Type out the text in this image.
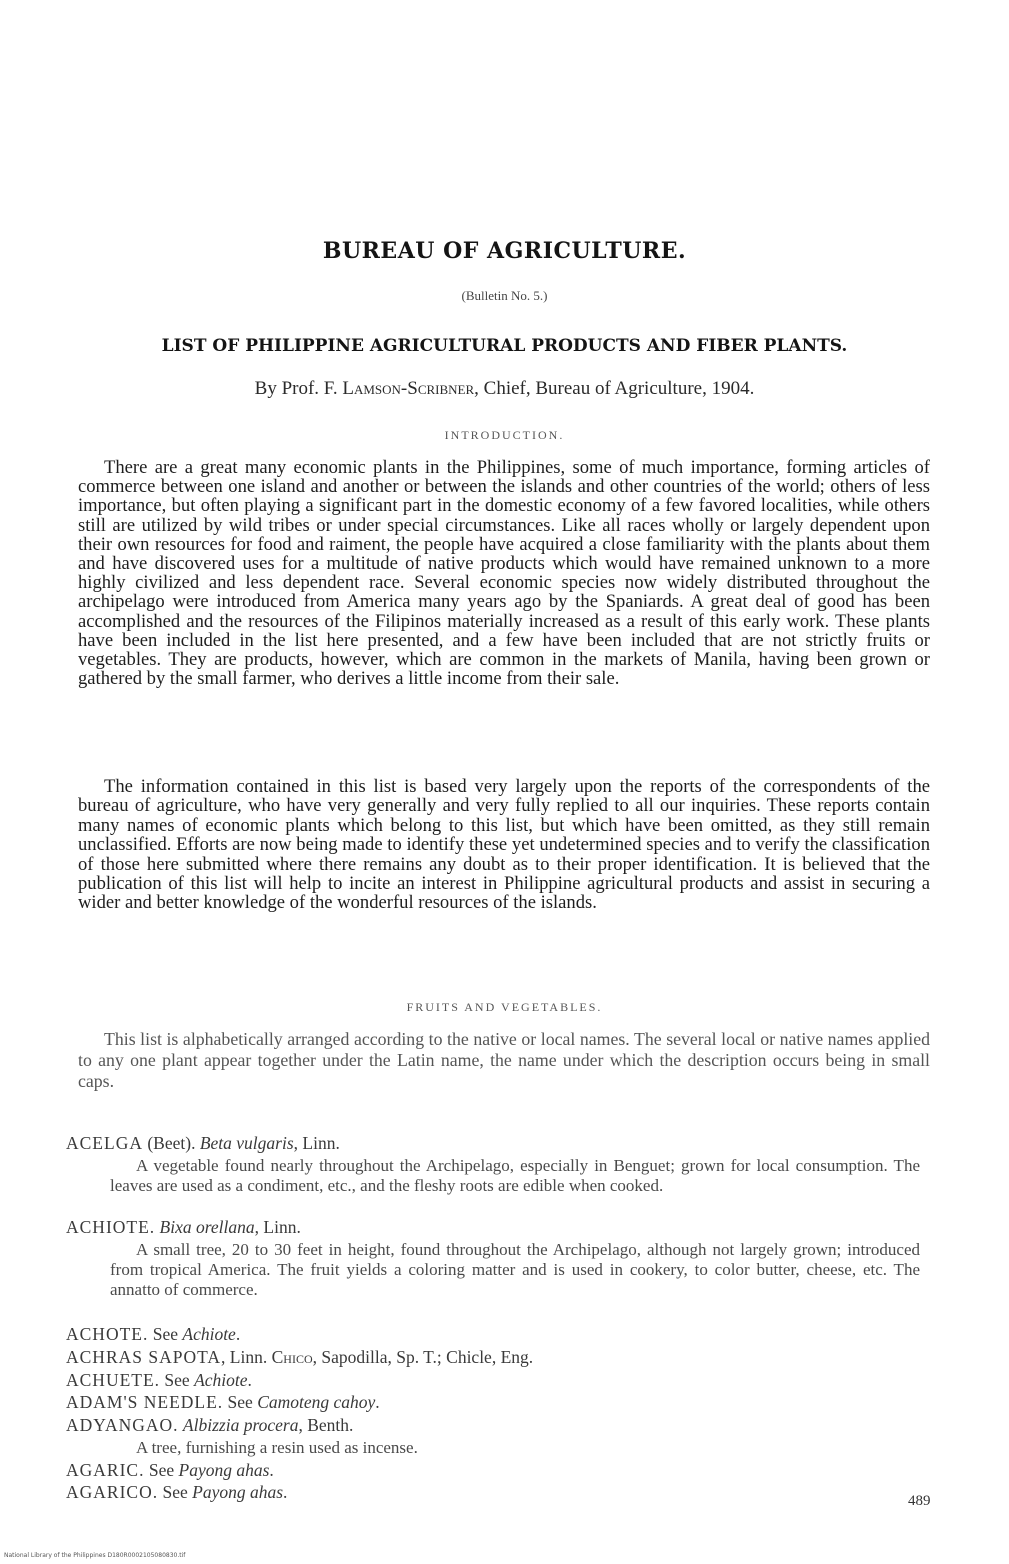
BUREAU OF AGRICULTURE.
(Bulletin No. 5.)
LIST OF PHILIPPINE AGRICULTURAL PRODUCTS AND FIBER PLANTS.
By Prof. F. Lamson-Scribner, Chief, Bureau of Agriculture, 1904.
INTRODUCTION.
There are a great many economic plants in the Philippines, some of much importance, forming articles of commerce between one island and another or between the islands and other countries of the world; others of less importance, but often playing a significant part in the domestic economy of a few favored localities, while others still are utilized by wild tribes or under special circumstances. Like all races wholly or largely dependent upon their own resources for food and raiment, the people have acquired a close familiarity with the plants about them and have discovered uses for a multitude of native products which would have remained unknown to a more highly civilized and less dependent race. Several economic species now widely distributed throughout the archipelago were introduced from America many years ago by the Spaniards. A great deal of good has been accomplished and the resources of the Filipinos materially increased as a result of this early work. These plants have been included in the list here presented, and a few have been included that are not strictly fruits or vegetables. They are products, however, which are common in the markets of Manila, having been grown or gathered by the small farmer, who derives a little income from their sale.
The information contained in this list is based very largely upon the reports of the correspondents of the bureau of agriculture, who have very generally and very fully replied to all our inquiries. These reports contain many names of economic plants which belong to this list, but which have been omitted, as they still remain unclassified. Efforts are now being made to identify these yet undetermined species and to verify the classification of those here submitted where there remains any doubt as to their proper identification. It is believed that the publication of this list will help to incite an interest in Philippine agricultural products and assist in securing a wider and better knowledge of the wonderful resources of the islands.
FRUITS AND VEGETABLES.
This list is alphabetically arranged according to the native or local names. The several local or native names applied to any one plant appear together under the Latin name, the name under which the description occurs being in small caps.
ACELGA (Beet). Beta vulgaris, Linn.
A vegetable found nearly throughout the Archipelago, especially in Benguet; grown for local consumption. The leaves are used as a condiment, etc., and the fleshy roots are edible when cooked.
ACHIOTE. Bixa orellana, Linn.
A small tree, 20 to 30 feet in height, found throughout the Archipelago, although not largely grown; introduced from tropical America. The fruit yields a coloring matter and is used in cookery, to color butter, cheese, etc. The annatto of commerce.
ACHOTE. See Achiote.
ACHRAS SAPOTA, Linn. Chico, Sapodilla, Sp. T.; Chicle, Eng.
ACHUETE. See Achiote.
ADAM'S NEEDLE. See Camoteng cahoy.
ADYANGAO. Albizzia procera, Benth.
A tree, furnishing a resin used as incense.
AGARIC. See Payong ahas.
AGARICO. See Payong ahas.	489
National Library of the Philippines D180R0002105080830.tif
